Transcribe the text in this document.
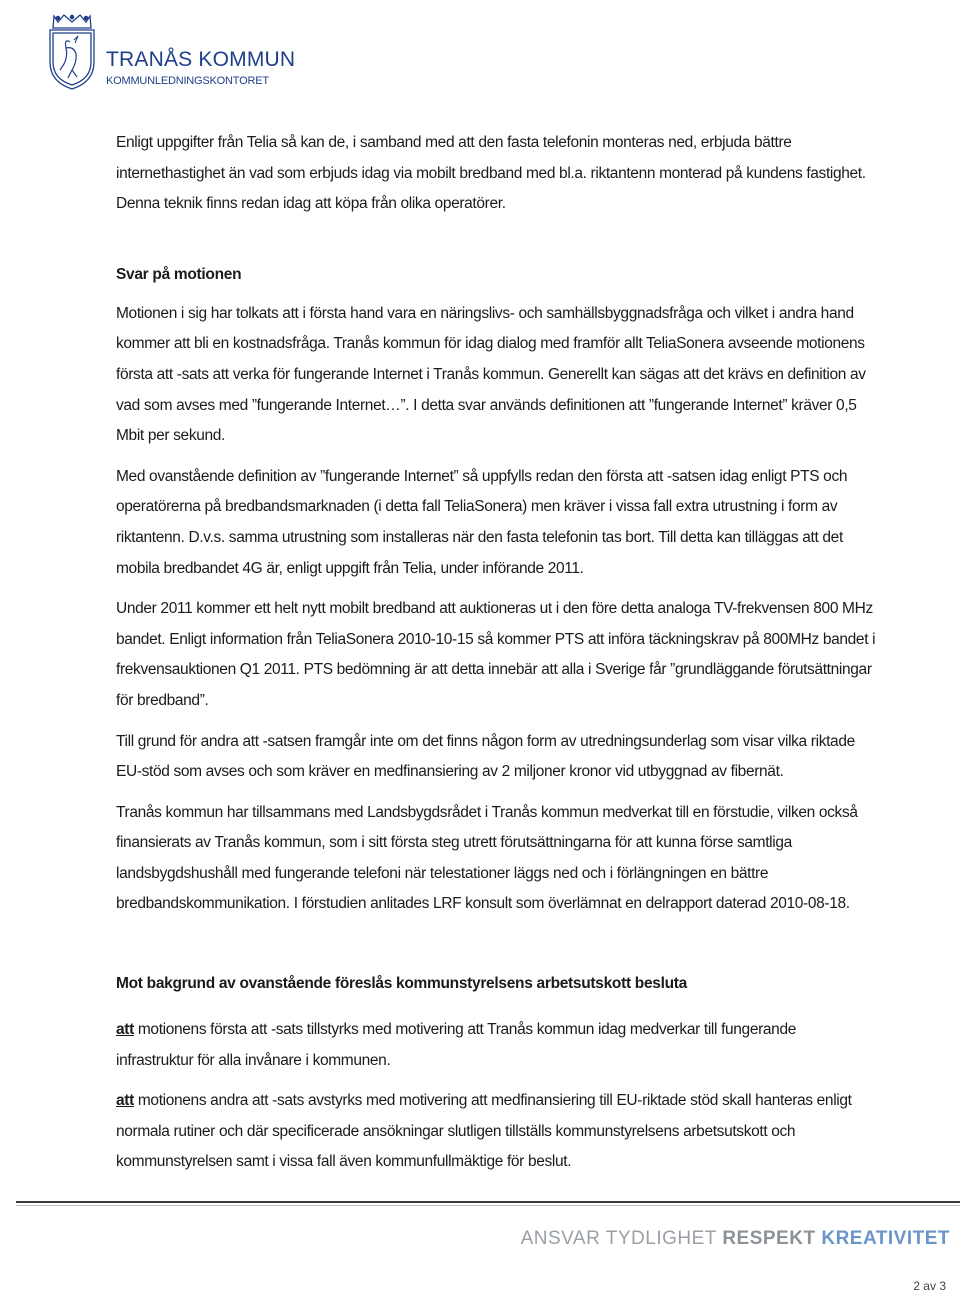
TRANÅS KOMMUN
KOMMUNLEDNINGSKONTORET

Enligt uppgifter från Telia så kan de, i samband med att den fasta telefonin monteras ned, erbjuda bättre internethastighet än vad som erbjuds idag via mobilt bredband med bl.a. riktantenn monterad på kundens fastighet. Denna teknik finns redan idag att köpa från olika operatörer.

Svar på motionen

Motionen i sig har tolkats att i första hand vara en näringslivs- och samhällsbyggnadsfråga och vilket i andra hand kommer att bli en kostnadsfråga. Tranås kommun för idag dialog med framför allt TeliaSonera avseende motionens första att -sats att verka för fungerande Internet i Tranås kommun. Generellt kan sägas att det krävs en definition av vad som avses med ”fungerande Internet…”. I detta svar används definitionen att ”fungerande Internet” kräver 0,5 Mbit per sekund.

Med ovanstående definition av ”fungerande Internet” så uppfylls redan den första att -satsen idag enligt PTS och operatörerna på bredbandsmarknaden (i detta fall TeliaSonera) men kräver i vissa fall extra utrustning i form av riktantenn. D.v.s. samma utrustning som installeras när den fasta telefonin tas bort. Till detta kan tilläggas att det mobila bredbandet 4G är, enligt uppgift från Telia, under införande 2011.

Under 2011 kommer ett helt nytt mobilt bredband att auktioneras ut i den före detta analoga TV-frekvensen 800 MHz bandet. Enligt information från TeliaSonera 2010-10-15 så kommer PTS att införa täckningskrav på 800MHz bandet i frekvensauktionen Q1 2011. PTS bedömning är att detta innebär att alla i Sverige får ”grundläggande förutsättningar för bredband”.

Till grund för andra att -satsen framgår inte om det finns någon form av utredningsunderlag som visar vilka riktade EU-stöd som avses och som kräver en medfinansiering av 2 miljoner kronor vid utbyggnad av fibernät.

Tranås kommun har tillsammans med Landsbygdsrådet i Tranås kommun medverkat till en förstudie, vilken också finansierats av Tranås kommun, som i sitt första steg utrett förutsättningarna för att kunna förse samtliga landsbygdshushåll med fungerande telefoni när telestationer läggs ned och i förlängningen en bättre bredbandskommunikation. I förstudien anlitades LRF konsult som överlämnat en delrapport daterad 2010-08-18.

Mot bakgrund av ovanstående föreslås kommunstyrelsens arbetsutskott besluta

att motionens första att -sats tillstyrks med motivering att Tranås kommun idag medverkar till fungerande infrastruktur för alla invånare i kommunen.

att motionens andra att -sats avstyrks med motivering att medfinansiering till EU-riktade stöd skall hanteras enligt normala rutiner och där specificerade ansökningar slutligen tillställs kommunstyrelsens arbetsutskott och kommunstyrelsen samt i vissa fall även kommunfullmäktige för beslut.

ANSVAR TYDLIGHET RESPEKT KREATIVITET
2 av 3
